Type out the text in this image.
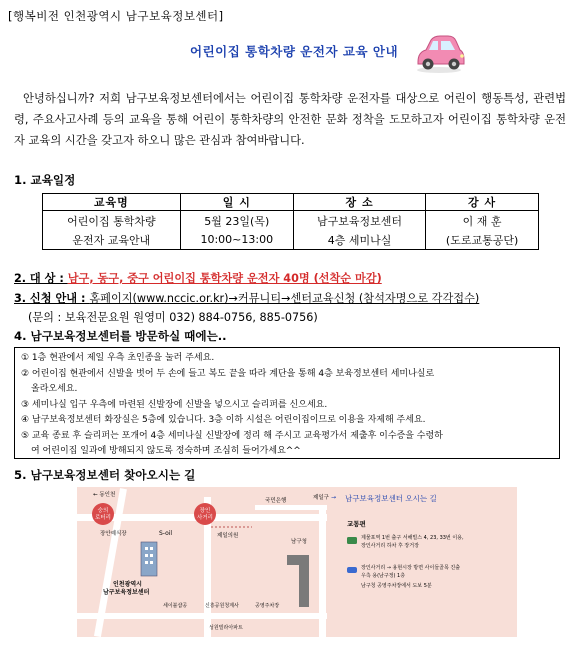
[행복비전 인천광역시 남구보육정보센터]
어린이집 통학차량 운전자 교육 안내
안녕하십니까? 저희 남구보육정보센터에서는 어린이집 통학차량 운전자를 대상으로 어린이 행동특성, 관련법령, 주요사고사례 등의 교육을 통해 어린이 통학차량의 안전한 문화 정착을 도모하고자 어린이집 통학차량 운전자 교육의 시간을 갖고자 하오니 많은 관심과 참여바랍니다.
1. 교육일정
교육명	일 시	장 소	강 사
어린이집 통학차량	5월 23일(목)	남구보육정보센터	이 재 훈
운전자 교육안내	10:00~13:00	4층 세미나실	(도로교통공단)
2. 대 상 : 남구, 동구, 중구 어린이집 통학차량 운전자 40명 (선착순 마감)
3. 신청 안내 : 홈페이지(www.nccic.or.kr)→커뮤니티→센터교육신청 (참석자명으로 각각접수)
(문의 : 보육전문요원 원영미 032) 884-0756, 885-0756)
4. 남구보육정보센터를 방문하실 때에는..

① 1층 현관에서 제일 우측 초인종을 눌러 주세요.

② 어린이집 현관에서 신발을 벗어 두 손에 들고 복도 끝을 따라 계단을 통해 4층 보육정보센터 세미나실로

올라오세요.

③ 세미나실 입구 우측에 마련된 신발장에 신발을 넣으시고 슬리퍼를 신으세요.

④ 남구보육정보센터 화장실은 5층에 있습니다. 3층 이하 시설은 어린이집이므로 이용을 자제해 주세요.

⑤ 교육 종료 후 슬리퍼는 포개어 4층 세미나실 신발장에 정리 해 주시고 교육평가서 제출후 이수증을 수령하

여 어린이집 일과에 방해되지 않도록 정숙하며 조심히 들어가세요^^

5. 남구보육정보센터 찾아오시는 길
숭의
로터리
장인
사거리
← 동인천
장안예식장	S-oil	제일의원
국민은행	제일구 → 남구보육정보센터 오시는 길
남구청
인천광역시
남구보육정보센터
세이블샵공	신흥공원청계사	공영주차장
성원빌라아파트
교통편
제물포역 1번 출구 서해빌스 4, 23, 33번 이용,
장인사거리 하차 후 장거장
장인사거리 → 용현시장 방면 사이들골목 진출
우측 용(남구정) 1층
남구청 공영주차장에서 도보 5분
